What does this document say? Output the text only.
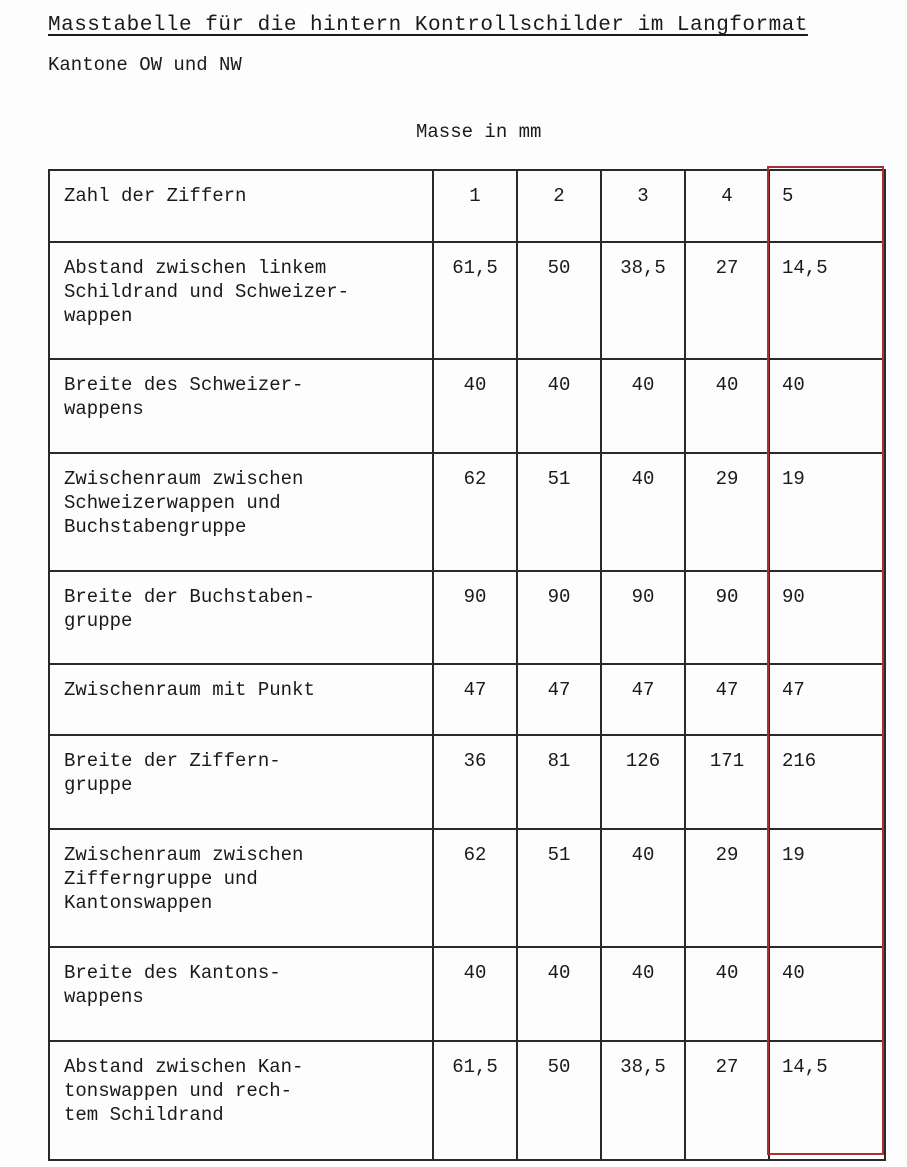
Masstabelle für die hintern Kontrollschilder im Langformat
Kantone OW und NW
Masse in mm
Zahl der Ziffern	1	2	3	4	5
Abstand zwischen linkem
Schildrand und Schweizer-
wappen	61,5	50	38,5	27	14,5
Breite des Schweizer-
wappens	40	40	40	40	40
Zwischenraum zwischen
Schweizerwappen und
Buchstabengruppe	62	51	40	29	19
Breite der Buchstaben-
gruppe	90	90	90	90	90
Zwischenraum mit Punkt	47	47	47	47	47
Breite der Ziffern-
gruppe	36	81	126	171	216
Zwischenraum zwischen
Zifferngruppe und
Kantonswappen	62	51	40	29	19
Breite des Kantons-
wappens	40	40	40	40	40
Abstand zwischen Kan-
tonswappen und rech-
tem Schildrand	61,5	50	38,5	27	14,5
